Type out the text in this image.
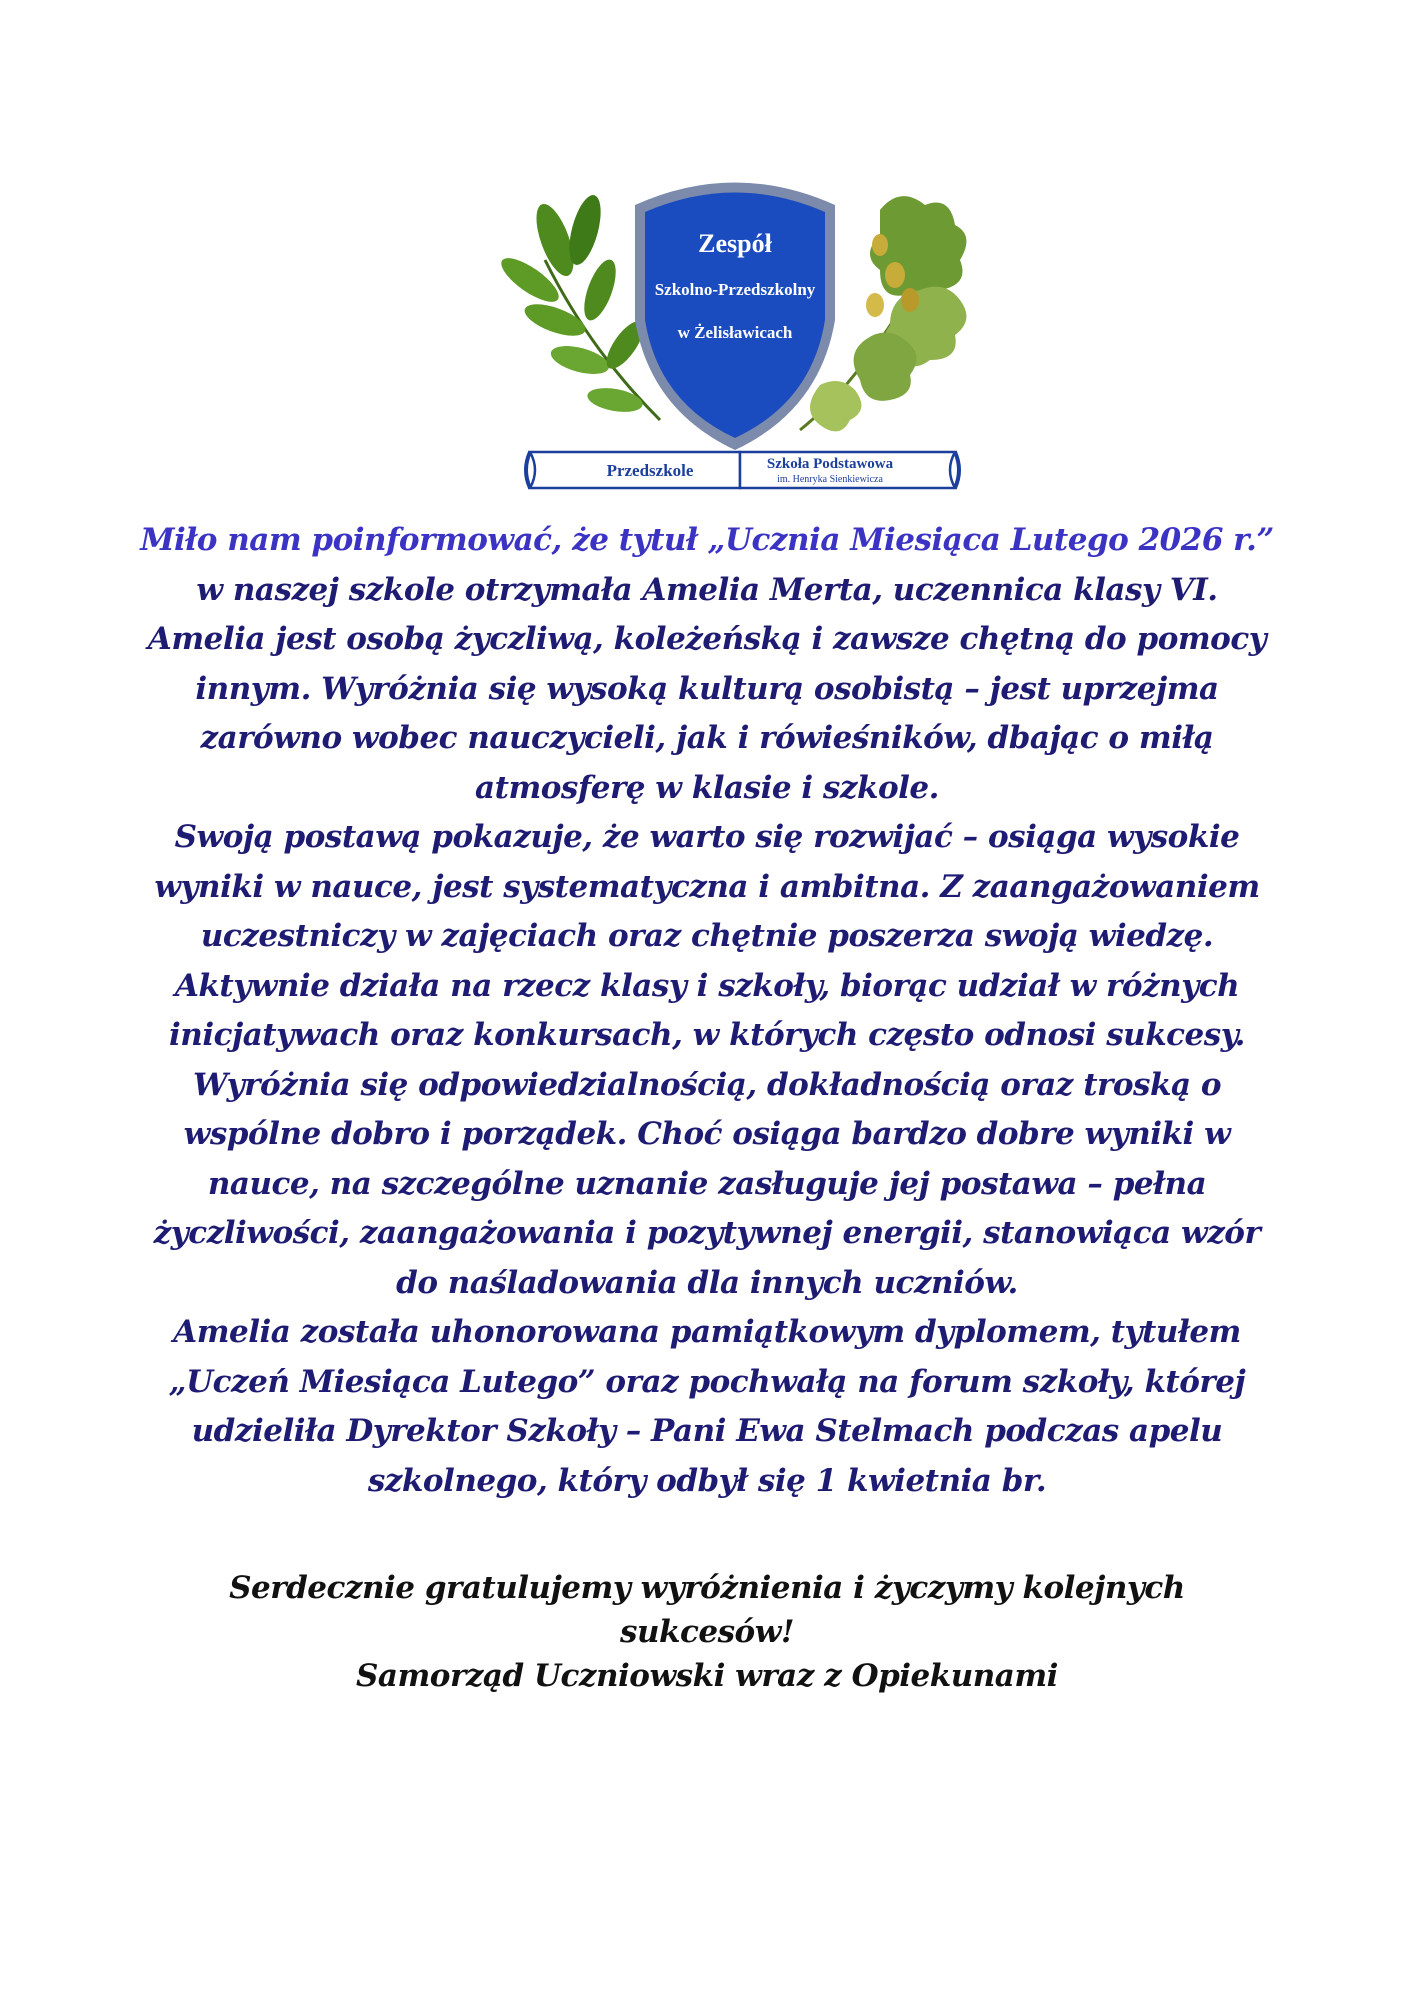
Zespół
Szkolno-Przedszkolny
w Żelisławicach
Przedszkole	Szkoła Podstawowa
im. Henryka Sienkiewicza
Miło nam poinformować, że tytuł „Ucznia Miesiąca Lutego 2026 r.”
w naszej szkole otrzymała Amelia Merta, uczennica klasy VI.
Amelia jest osobą życzliwą, koleżeńską i zawsze chętną do pomocy
innym. Wyróżnia się wysoką kulturą osobistą – jest uprzejma
zarówno wobec nauczycieli, jak i rówieśników, dbając o miłą
atmosferę w klasie i szkole.
Swoją postawą pokazuje, że warto się rozwijać – osiąga wysokie
wyniki w nauce, jest systematyczna i ambitna. Z zaangażowaniem
uczestniczy w zajęciach oraz chętnie poszerza swoją wiedzę.
Aktywnie działa na rzecz klasy i szkoły, biorąc udział w różnych
inicjatywach oraz konkursach, w których często odnosi sukcesy.
Wyróżnia się odpowiedzialnością, dokładnością oraz troską o
wspólne dobro i porządek. Choć osiąga bardzo dobre wyniki w
nauce, na szczególne uznanie zasługuje jej postawa – pełna
życzliwości, zaangażowania i pozytywnej energii, stanowiąca wzór
do naśladowania dla innych uczniów.
Amelia została uhonorowana pamiątkowym dyplomem, tytułem
„Uczeń Miesiąca Lutego” oraz pochwałą na forum szkoły, której
udzieliła Dyrektor Szkoły – Pani Ewa Stelmach podczas apelu
szkolnego, który odbył się 1 kwietnia br.
Serdecznie gratulujemy wyróżnienia i życzymy kolejnych
sukcesów!
Samorząd Uczniowski wraz z Opiekunami
